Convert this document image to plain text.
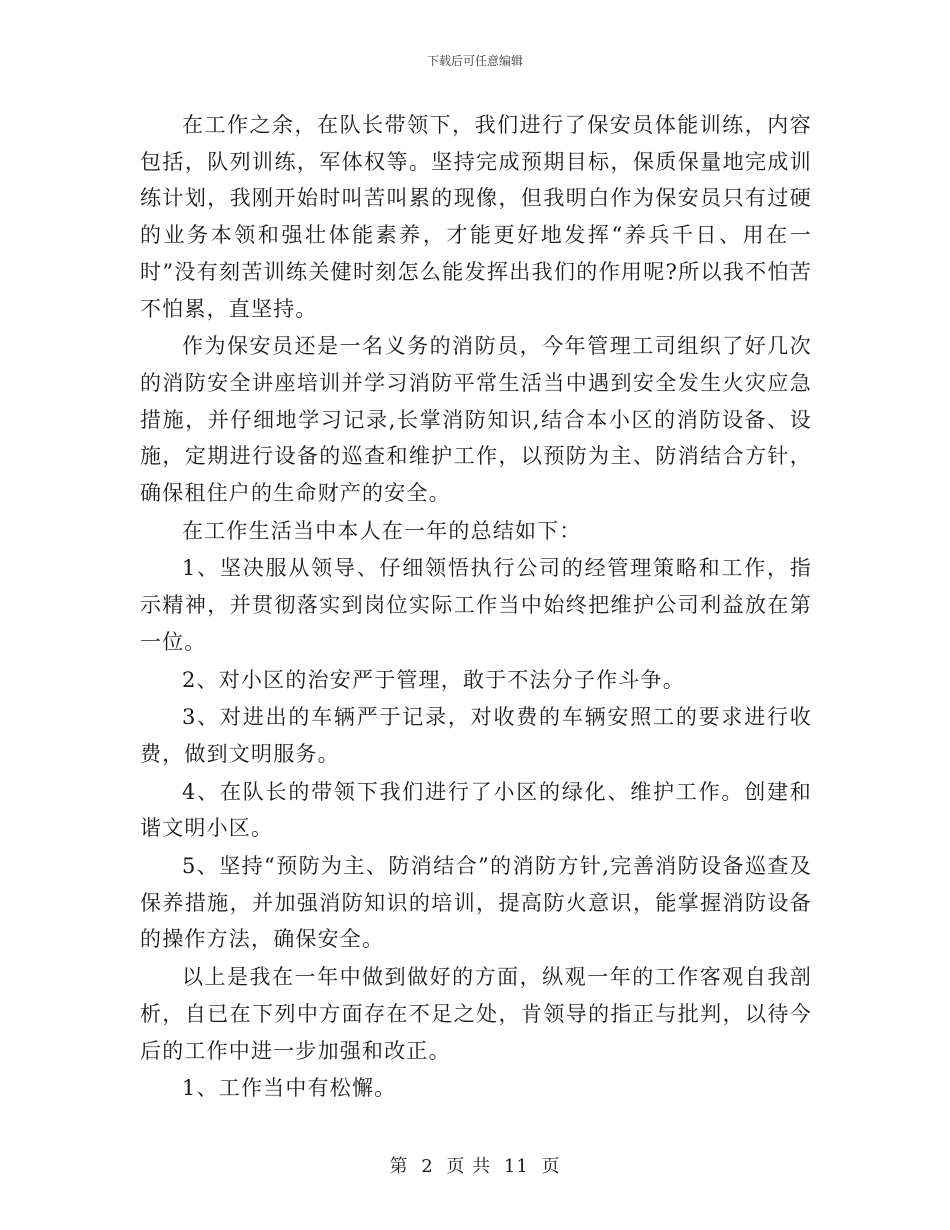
下载后可任意编辑

在工作之余，在队长带领下，我们进行了保安员体能训练，内容包括，队列训练，军体权等。坚持完成预期目标，保质保量地完成训练计划，我刚开始时叫苦叫累的现像，但我明白作为保安员只有过硬的业务本领和强壮体能素养，才能更好地发挥“养兵千日、用在一时”没有刻苦训练关健时刻怎么能发挥出我们的作用呢?所以我不怕苦不怕累，直坚持。

作为保安员还是一名义务的消防员，今年管理工司组织了好几次的消防安全讲座培训并学习消防平常生活当中遇到安全发生火灾应急措施，并仔细地学习记录,长掌消防知识,结合本小区的消防设备、设施，定期进行设备的巡查和维护工作，以预防为主、防消结合方针，确保租住户的生命财产的安全。

在工作生活当中本人在一年的总结如下：

1、坚决服从领导、仔细领悟执行公司的经管理策略和工作，指示精神，并贯彻落实到岗位实际工作当中始终把维护公司利益放在第一位。

2、对小区的治安严于管理，敢于不法分子作斗争。

3、对进出的车辆严于记录，对收费的车辆安照工的要求进行收费，做到文明服务。

4、在队长的带领下我们进行了小区的绿化、维护工作。创建和谐文明小区。

5、坚持“预防为主、防消结合”的消防方针,完善消防设备巡查及保养措施，并加强消防知识的培训，提高防火意识，能掌握消防设备的操作方法，确保安全。

以上是我在一年中做到做好的方面，纵观一年的工作客观自我剖析，自已在下列中方面存在不足之处，肯领导的指正与批判，以待今后的工作中进一步加强和改正。

1、工作当中有松懈。

第 2 页 共 11 页
